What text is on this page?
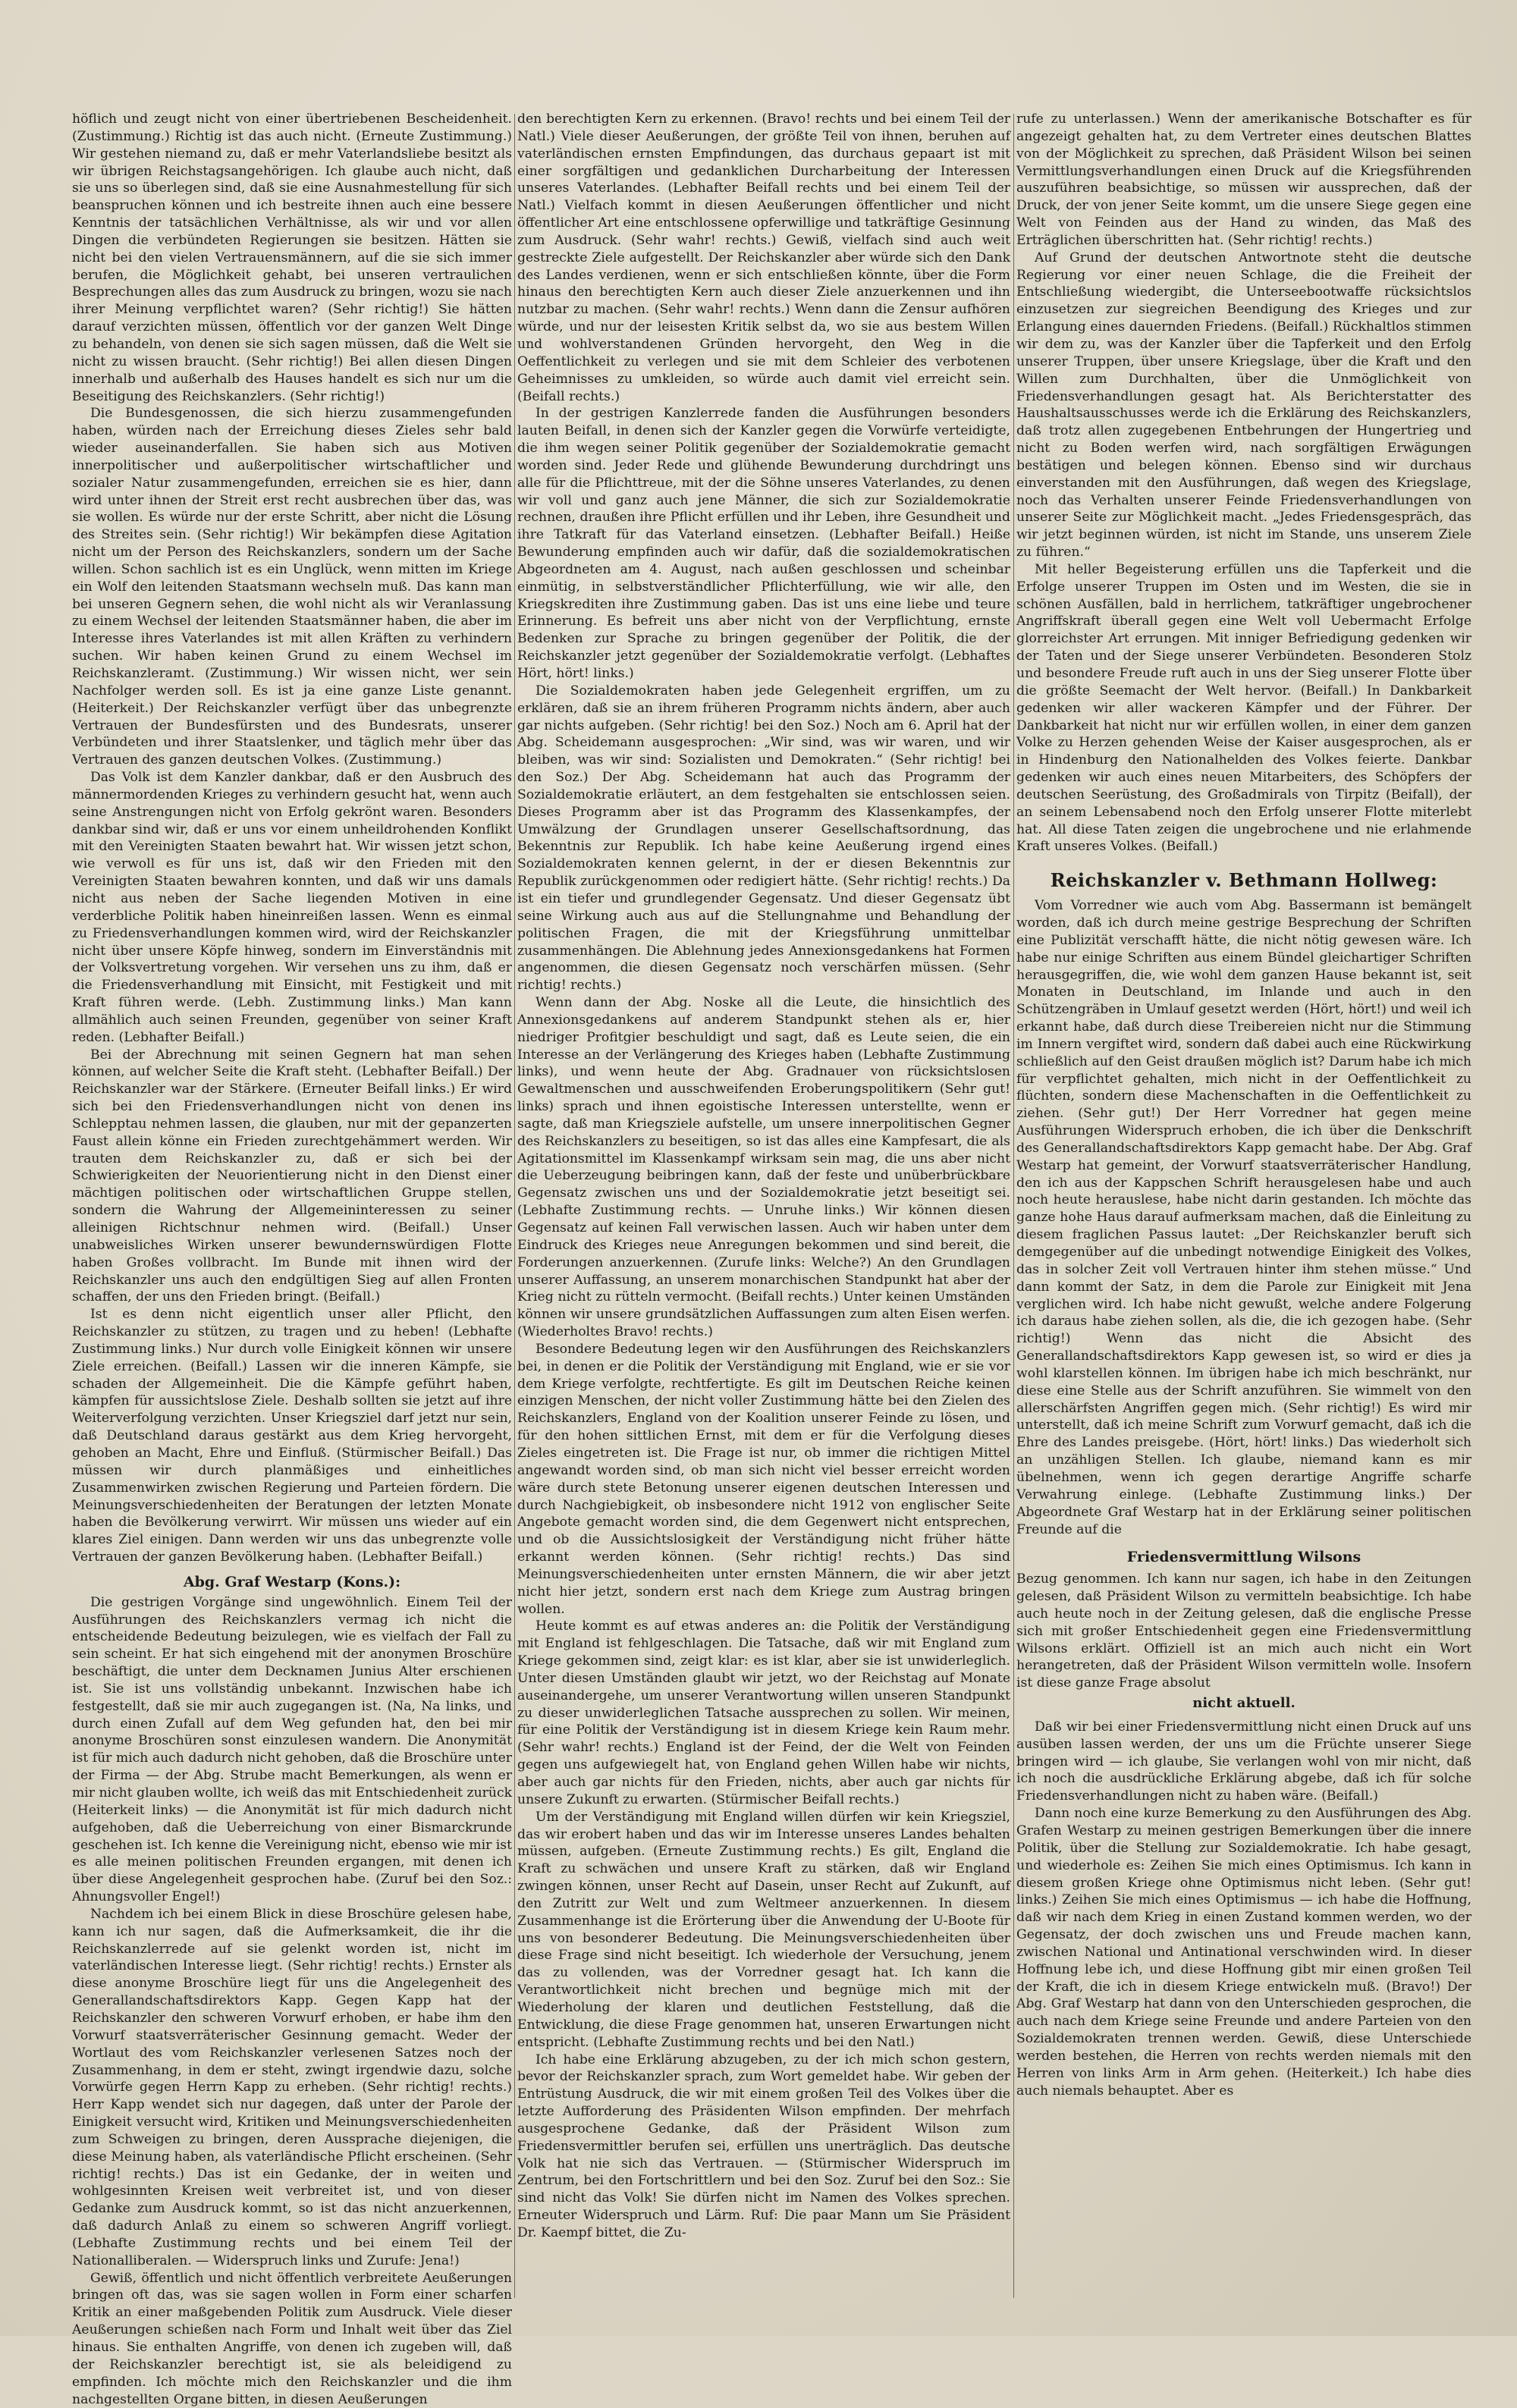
höflich und zeugt nicht von einer übertriebenen Bescheidenheit. (Zustimmung.) Richtig ist das auch nicht. (Erneute Zustimmung.) Wir gestehen niemand zu, daß er mehr Vaterlandsliebe besitzt als wir übrigen Reichstagsangehörigen. Ich glaube auch nicht, daß sie uns so überlegen sind, daß sie eine Ausnahmestellung für sich beanspruchen können und ich bestreite ihnen auch eine bessere Kenntnis der tatsächlichen Verhältnisse, als wir und vor allen Dingen die verbündeten Regierungen sie besitzen. Hätten sie nicht bei den vielen Vertrauensmännern, auf die sie sich immer berufen, die Möglichkeit gehabt, bei unseren vertraulichen Besprechungen alles das zum Ausdruck zu bringen, wozu sie nach ihrer Meinung verpflichtet waren? (Sehr richtig!) Sie hätten darauf verzichten müssen, öffentlich vor der ganzen Welt Dinge zu behandeln, von denen sie sich sagen müssen, daß die Welt sie nicht zu wissen braucht. (Sehr richtig!) Bei allen diesen Dingen innerhalb und außerhalb des Hauses handelt es sich nur um die Beseitigung des Reichskanzlers. (Sehr richtig!)

Die Bundesgenossen, die sich hierzu zusammengefunden haben, würden nach der Erreichung dieses Zieles sehr bald wieder auseinanderfallen. Sie haben sich aus Motiven innerpolitischer und außerpolitischer wirtschaftlicher und sozialer Natur zusammengefunden, erreichen sie es hier, dann wird unter ihnen der Streit erst recht ausbrechen über das, was sie wollen. Es würde nur der erste Schritt, aber nicht die Lösung des Streites sein. (Sehr richtig!) Wir bekämpfen diese Agitation nicht um der Person des Reichskanzlers, sondern um der Sache willen. Schon sachlich ist es ein Unglück, wenn mitten im Kriege ein Wolf den leitenden Staatsmann wechseln muß. Das kann man bei unseren Gegnern sehen, die wohl nicht als wir Veranlassung zu einem Wechsel der leitenden Staatsmänner haben, die aber im Interesse ihres Vaterlandes ist mit allen Kräften zu verhindern suchen. Wir haben keinen Grund zu einem Wechsel im Reichskanzleramt. (Zustimmung.) Wir wissen nicht, wer sein Nachfolger werden soll. Es ist ja eine ganze Liste genannt. (Heiterkeit.) Der Reichskanzler verfügt über das unbegrenzte Vertrauen der Bundesfürsten und des Bundesrats, unserer Verbündeten und ihrer Staatslenker, und täglich mehr über das Vertrauen des ganzen deutschen Volkes. (Zustimmung.)

Das Volk ist dem Kanzler dankbar, daß er den Ausbruch des männermordenden Krieges zu verhindern gesucht hat, wenn auch seine Anstrengungen nicht von Erfolg gekrönt waren. Besonders dankbar sind wir, daß er uns vor einem unheildrohenden Konflikt mit den Vereinigten Staaten bewahrt hat. Wir wissen jetzt schon, wie verwoll es für uns ist, daß wir den Frieden mit den Vereinigten Staaten bewahren konnten, und daß wir uns damals nicht aus neben der Sache liegenden Motiven in eine verderbliche Politik haben hineinreißen lassen. Wenn es einmal zu Friedensverhandlungen kommen wird, wird der Reichskanzler nicht über unsere Köpfe hinweg, sondern im Einverständnis mit der Volksvertretung vorgehen. Wir versehen uns zu ihm, daß er die Friedensverhandlung mit Einsicht, mit Festigkeit und mit Kraft führen werde. (Lebh. Zustimmung links.) Man kann allmählich auch seinen Freunden, gegenüber von seiner Kraft reden. (Lebhafter Beifall.)

Bei der Abrechnung mit seinen Gegnern hat man sehen können, auf welcher Seite die Kraft steht. (Lebhafter Beifall.) Der Reichskanzler war der Stärkere. (Erneuter Beifall links.) Er wird sich bei den Friedensverhandlungen nicht von denen ins Schlepptau nehmen lassen, die glauben, nur mit der gepanzerten Faust allein könne ein Frieden zurechtgehämmert werden. Wir trauten dem Reichskanzler zu, daß er sich bei der Schwierigkeiten der Neuorientierung nicht in den Dienst einer mächtigen politischen oder wirtschaftlichen Gruppe stellen, sondern die Wahrung der Allgemeininteressen zu seiner alleinigen Richtschnur nehmen wird. (Beifall.) Unser unabweisliches Wirken unserer bewundernswürdigen Flotte haben Großes vollbracht. Im Bunde mit ihnen wird der Reichskanzler uns auch den endgültigen Sieg auf allen Fronten schaffen, der uns den Frieden bringt. (Beifall.)

Ist es denn nicht eigentlich unser aller Pflicht, den Reichskanzler zu stützen, zu tragen und zu heben! (Lebhafte Zustimmung links.) Nur durch volle Einigkeit können wir unsere Ziele erreichen. (Beifall.) Lassen wir die inneren Kämpfe, sie schaden der Allgemeinheit. Die die Kämpfe geführt haben, kämpfen für aussichtslose Ziele. Deshalb sollten sie jetzt auf ihre Weiterverfolgung verzichten. Unser Kriegsziel darf jetzt nur sein, daß Deutschland daraus gestärkt aus dem Krieg hervorgeht, gehoben an Macht, Ehre und Einfluß. (Stürmischer Beifall.) Das müssen wir durch planmäßiges und einheitliches Zusammenwirken zwischen Regierung und Parteien fördern. Die Meinungsverschiedenheiten der Beratungen der letzten Monate haben die Bevölkerung verwirrt. Wir müssen uns wieder auf ein klares Ziel einigen. Dann werden wir uns das unbegrenzte volle Vertrauen der ganzen Bevölkerung haben. (Lebhafter Beifall.)

Abg. Graf Westarp (Kons.):

Die gestrigen Vorgänge sind ungewöhnlich. Einem Teil der Ausführungen des Reichskanzlers vermag ich nicht die entscheidende Bedeutung beizulegen, wie es vielfach der Fall zu sein scheint. Er hat sich eingehend mit der anonymen Broschüre beschäftigt, die unter dem Decknamen Junius Alter erschienen ist. Sie ist uns vollständig unbekannt. Inzwischen habe ich festgestellt, daß sie mir auch zugegangen ist. (Na, Na links, und durch einen Zufall auf dem Weg gefunden hat, den bei mir anonyme Broschüren sonst einzulesen wandern. Die Anonymität ist für mich auch dadurch nicht gehoben, daß die Broschüre unter der Firma — der Abg. Strube macht Bemerkungen, als wenn er mir nicht glauben wollte, ich weiß das mit Entschiedenheit zurück (Heiterkeit links) — die Anonymität ist für mich dadurch nicht aufgehoben, daß die Ueberreichung von einer Bismarckrunde geschehen ist. Ich kenne die Vereinigung nicht, ebenso wie mir ist es alle meinen politischen Freunden ergangen, mit denen ich über diese Angelegenheit gesprochen habe. (Zuruf bei den Soz.: Ahnungsvoller Engel!)

Nachdem ich bei einem Blick in diese Broschüre gelesen habe, kann ich nur sagen, daß die Aufmerksamkeit, die ihr die Reichskanzlerrede auf sie gelenkt worden ist, nicht im vaterländischen Interesse liegt. (Sehr richtig! rechts.) Ernster als diese anonyme Broschüre liegt für uns die Angelegenheit des Generallandschaftsdirektors Kapp. Gegen Kapp hat der Reichskanzler den schweren Vorwurf erhoben, er habe ihm den Vorwurf staatsverräterischer Gesinnung gemacht. Weder der Wortlaut des vom Reichskanzler verlesenen Satzes noch der Zusammenhang, in dem er steht, zwingt irgendwie dazu, solche Vorwürfe gegen Herrn Kapp zu erheben. (Sehr richtig! rechts.) Herr Kapp wendet sich nur dagegen, daß unter der Parole der Einigkeit versucht wird, Kritiken und Meinungsverschiedenheiten zum Schweigen zu bringen, deren Aussprache diejenigen, die diese Meinung haben, als vaterländische Pflicht erscheinen. (Sehr richtig! rechts.) Das ist ein Gedanke, der in weiten und wohlgesinnten Kreisen weit verbreitet ist, und von dieser Gedanke zum Ausdruck kommt, so ist das nicht anzuerkennen, daß dadurch Anlaß zu einem so schweren Angriff vorliegt. (Lebhafte Zustimmung rechts und bei einem Teil der Nationalliberalen. — Widerspruch links und Zurufe: Jena!)

Gewiß, öffentlich und nicht öffentlich verbreitete Aeußerungen bringen oft das, was sie sagen wollen in Form einer scharfen Kritik an einer maßgebenden Politik zum Ausdruck. Viele dieser Aeußerungen schießen nach Form und Inhalt weit über das Ziel hinaus. Sie enthalten Angriffe, von denen ich zugeben will, daß der Reichskanzler berechtigt ist, sie als beleidigend zu empfinden. Ich möchte mich den Reichskanzler und die ihm nachgestellten Organe bitten, in diesen Aeußerungen

den berechtigten Kern zu erkennen. (Bravo! rechts und bei einem Teil der Natl.) Viele dieser Aeußerungen, der größte Teil von ihnen, beruhen auf vaterländischen ernsten Empfindungen, das durchaus gepaart ist mit einer sorgfältigen und gedanklichen Durcharbeitung der Interessen unseres Vaterlandes. (Lebhafter Beifall rechts und bei einem Teil der Natl.) Vielfach kommt in diesen Aeußerungen öffentlicher und nicht öffentlicher Art eine entschlossene opferwillige und tatkräftige Gesinnung zum Ausdruck. (Sehr wahr! rechts.) Gewiß, vielfach sind auch weit gestreckte Ziele aufgestellt. Der Reichskanzler aber würde sich den Dank des Landes verdienen, wenn er sich entschließen könnte, über die Form hinaus den berechtigten Kern auch dieser Ziele anzuerkennen und ihn nutzbar zu machen. (Sehr wahr! rechts.) Wenn dann die Zensur aufhören würde, und nur der leisesten Kritik selbst da, wo sie aus bestem Willen und wohlverstandenen Gründen hervorgeht, den Weg in die Oeffentlichkeit zu verlegen und sie mit dem Schleier des verbotenen Geheimnisses zu umkleiden, so würde auch damit viel erreicht sein. (Beifall rechts.)

In der gestrigen Kanzlerrede fanden die Ausführungen besonders lauten Beifall, in denen sich der Kanzler gegen die Vorwürfe verteidigte, die ihm wegen seiner Politik gegenüber der Sozialdemokratie gemacht worden sind. Jeder Rede und glühende Bewunderung durchdringt uns alle für die Pflichttreue, mit der die Söhne unseres Vaterlandes, zu denen wir voll und ganz auch jene Männer, die sich zur Sozialdemokratie rechnen, draußen ihre Pflicht erfüllen und ihr Leben, ihre Gesundheit und ihre Tatkraft für das Vaterland einsetzen. (Lebhafter Beifall.) Heiße Bewunderung empfinden auch wir dafür, daß die sozialdemokratischen Abgeordneten am 4. August, nach außen geschlossen und scheinbar einmütig, in selbstverständlicher Pflichterfüllung, wie wir alle, den Kriegskrediten ihre Zustimmung gaben. Das ist uns eine liebe und teure Erinnerung. Es befreit uns aber nicht von der Verpflichtung, ernste Bedenken zur Sprache zu bringen gegenüber der Politik, die der Reichskanzler jetzt gegenüber der Sozialdemokratie verfolgt. (Lebhaftes Hört, hört! links.)

Die Sozialdemokraten haben jede Gelegenheit ergriffen, um zu erklären, daß sie an ihrem früheren Programm nichts ändern, aber auch gar nichts aufgeben. (Sehr richtig! bei den Soz.) Noch am 6. April hat der Abg. Scheidemann ausgesprochen: „Wir sind, was wir waren, und wir bleiben, was wir sind: Sozialisten und Demokraten.“ (Sehr richtig! bei den Soz.) Der Abg. Scheidemann hat auch das Programm der Sozialdemokratie erläutert, an dem festgehalten sie entschlossen seien. Dieses Programm aber ist das Programm des Klassenkampfes, der Umwälzung der Grundlagen unserer Gesellschaftsordnung, das Bekenntnis zur Republik. Ich habe keine Aeußerung irgend eines Sozialdemokraten kennen gelernt, in der er diesen Bekenntnis zur Republik zurückgenommen oder redigiert hätte. (Sehr richtig! rechts.) Da ist ein tiefer und grundlegender Gegensatz. Und dieser Gegensatz übt seine Wirkung auch aus auf die Stellungnahme und Behandlung der politischen Fragen, die mit der Kriegsführung unmittelbar zusammenhängen. Die Ablehnung jedes Annexionsgedankens hat Formen angenommen, die diesen Gegensatz noch verschärfen müssen. (Sehr richtig! rechts.)

Wenn dann der Abg. Noske all die Leute, die hinsichtlich des Annexionsgedankens auf anderem Standpunkt stehen als er, hier niedriger Profitgier beschuldigt und sagt, daß es Leute seien, die ein Interesse an der Verlängerung des Krieges haben (Lebhafte Zustimmung links), und wenn heute der Abg. Gradnauer von rücksichtslosen Gewaltmenschen und ausschweifenden Eroberungspolitikern (Sehr gut! links) sprach und ihnen egoistische Interessen unterstellte, wenn er sagte, daß man Kriegsziele aufstelle, um unsere innerpolitischen Gegner des Reichskanzlers zu beseitigen, so ist das alles eine Kampfesart, die als Agitationsmittel im Klassenkampf wirksam sein mag, die uns aber nicht die Ueberzeugung beibringen kann, daß der feste und unüberbrückbare Gegensatz zwischen uns und der Sozialdemokratie jetzt beseitigt sei. (Lebhafte Zustimmung rechts. — Unruhe links.) Wir können diesen Gegensatz auf keinen Fall verwischen lassen. Auch wir haben unter dem Eindruck des Krieges neue Anregungen bekommen und sind bereit, die Forderungen anzuerkennen. (Zurufe links: Welche?) An den Grundlagen unserer Auffassung, an unserem monarchischen Standpunkt hat aber der Krieg nicht zu rütteln vermocht. (Beifall rechts.) Unter keinen Umständen können wir unsere grundsätzlichen Auffassungen zum alten Eisen werfen. (Wiederholtes Bravo! rechts.)

Besondere Bedeutung legen wir den Ausführungen des Reichskanzlers bei, in denen er die Politik der Verständigung mit England, wie er sie vor dem Kriege verfolgte, rechtfertigte. Es gilt im Deutschen Reiche keinen einzigen Menschen, der nicht voller Zustimmung hätte bei den Zielen des Reichskanzlers, England von der Koalition unserer Feinde zu lösen, und für den hohen sittlichen Ernst, mit dem er für die Verfolgung dieses Zieles eingetreten ist. Die Frage ist nur, ob immer die richtigen Mittel angewandt worden sind, ob man sich nicht viel besser erreicht worden wäre durch stete Betonung unserer eigenen deutschen Interessen und durch Nachgiebigkeit, ob insbesondere nicht 1912 von englischer Seite Angebote gemacht worden sind, die dem Gegenwert nicht entsprechen, und ob die Aussichtslosigkeit der Verständigung nicht früher hätte erkannt werden können. (Sehr richtig! rechts.) Das sind Meinungsverschiedenheiten unter ernsten Männern, die wir aber jetzt nicht hier jetzt, sondern erst nach dem Kriege zum Austrag bringen wollen.

Heute kommt es auf etwas anderes an: die Politik der Verständigung mit England ist fehlgeschlagen. Die Tatsache, daß wir mit England zum Kriege gekommen sind, zeigt klar: es ist klar, aber sie ist unwiderleglich. Unter diesen Umständen glaubt wir jetzt, wo der Reichstag auf Monate auseinandergehe, um unserer Verantwortung willen unseren Standpunkt zu dieser unwiderleglichen Tatsache aussprechen zu sollen. Wir meinen, für eine Politik der Verständigung ist in diesem Kriege kein Raum mehr. (Sehr wahr! rechts.) England ist der Feind, der die Welt von Feinden gegen uns aufgewiegelt hat, von England gehen Willen habe wir nichts, aber auch gar nichts für den Frieden, nichts, aber auch gar nichts für unsere Zukunft zu erwarten. (Stürmischer Beifall rechts.)

Um der Verständigung mit England willen dürfen wir kein Kriegsziel, das wir erobert haben und das wir im Interesse unseres Landes behalten müssen, aufgeben. (Erneute Zustimmung rechts.) Es gilt, England die Kraft zu schwächen und unsere Kraft zu stärken, daß wir England zwingen können, unser Recht auf Dasein, unser Recht auf Zukunft, auf den Zutritt zur Welt und zum Weltmeer anzuerkennen. In diesem Zusammenhange ist die Erörterung über die Anwendung der U-Boote für uns von besonderer Bedeutung. Die Meinungsverschiedenheiten über diese Frage sind nicht beseitigt. Ich wiederhole der Versuchung, jenem das zu vollenden, was der Vorredner gesagt hat. Ich kann die Verantwortlichkeit nicht brechen und begnüge mich mit der Wiederholung der klaren und deutlichen Feststellung, daß die Entwicklung, die diese Frage genommen hat, unseren Erwartungen nicht entspricht. (Lebhafte Zustimmung rechts und bei den Natl.)

Ich habe eine Erklärung abzugeben, zu der ich mich schon gestern, bevor der Reichskanzler sprach, zum Wort gemeldet habe. Wir geben der Entrüstung Ausdruck, die wir mit einem großen Teil des Volkes über die letzte Aufforderung des Präsidenten Wilson empfinden. Der mehrfach ausgesprochene Gedanke, daß der Präsident Wilson zum Friedensvermittler berufen sei, erfüllen uns unerträglich. Das deutsche Volk hat nie sich das Vertrauen. — (Stürmischer Widerspruch im Zentrum, bei den Fortschrittlern und bei den Soz. Zuruf bei den Soz.: Sie sind nicht das Volk! Sie dürfen nicht im Namen des Volkes sprechen. Erneuter Widerspruch und Lärm. Ruf: Die paar Mann um Sie Präsident Dr. Kaempf bittet, die Zu-

rufe zu unterlassen.) Wenn der amerikanische Botschafter es für angezeigt gehalten hat, zu dem Vertreter eines deutschen Blattes von der Möglichkeit zu sprechen, daß Präsident Wilson bei seinen Vermittlungsverhandlungen einen Druck auf die Kriegsführenden auszuführen beabsichtige, so müssen wir aussprechen, daß der Druck, der von jener Seite kommt, um die unsere Siege gegen eine Welt von Feinden aus der Hand zu winden, das Maß des Erträglichen überschritten hat. (Sehr richtig! rechts.)

Auf Grund der deutschen Antwortnote steht die deutsche Regierung vor einer neuen Schlage, die die Freiheit der Entschließung wiedergibt, die Unterseebootwaffe rücksichtslos einzusetzen zur siegreichen Beendigung des Krieges und zur Erlangung eines dauernden Friedens. (Beifall.) Rückhaltlos stimmen wir dem zu, was der Kanzler über die Tapferkeit und den Erfolg unserer Truppen, über unsere Kriegslage, über die Kraft und den Willen zum Durchhalten, über die Unmöglichkeit von Friedensverhandlungen gesagt hat. Als Berichterstatter des Haushaltsausschusses werde ich die Erklärung des Reichskanzlers, daß trotz allen zugegebenen Entbehrungen der Hungertrieg und nicht zu Boden werfen wird, nach sorgfältigen Erwägungen bestätigen und belegen können. Ebenso sind wir durchaus einverstanden mit den Ausführungen, daß wegen des Kriegslage, noch das Verhalten unserer Feinde Friedensverhandlungen von unserer Seite zur Möglichkeit macht. „Jedes Friedensgespräch, das wir jetzt beginnen würden, ist nicht im Stande, uns unserem Ziele zu führen.“

Mit heller Begeisterung erfüllen uns die Tapferkeit und die Erfolge unserer Truppen im Osten und im Westen, die sie in schönen Ausfällen, bald in herrlichem, tatkräftiger ungebrochener Angriffskraft überall gegen eine Welt voll Uebermacht Erfolge glorreichster Art errungen. Mit inniger Befriedigung gedenken wir der Taten und der Siege unserer Verbündeten. Besonderen Stolz und besondere Freude ruft auch in uns der Sieg unserer Flotte über die größte Seemacht der Welt hervor. (Beifall.) In Dankbarkeit gedenken wir aller wackeren Kämpfer und der Führer. Der Dankbarkeit hat nicht nur wir erfüllen wollen, in einer dem ganzen Volke zu Herzen gehenden Weise der Kaiser ausgesprochen, als er in Hindenburg den Nationalhelden des Volkes feierte. Dankbar gedenken wir auch eines neuen Mitarbeiters, des Schöpfers der deutschen Seerüstung, des Großadmirals von Tirpitz (Beifall), der an seinem Lebensabend noch den Erfolg unserer Flotte miterlebt hat. All diese Taten zeigen die ungebrochene und nie erlahmende Kraft unseres Volkes. (Beifall.)

Reichskanzler v. Bethmann Hollweg:

Vom Vorredner wie auch vom Abg. Bassermann ist bemängelt worden, daß ich durch meine gestrige Besprechung der Schriften eine Publizität verschafft hätte, die nicht nötig gewesen wäre. Ich habe nur einige Schriften aus einem Bündel gleichartiger Schriften herausgegriffen, die, wie wohl dem ganzen Hause bekannt ist, seit Monaten in Deutschland, im Inlande und auch in den Schützengräben in Umlauf gesetzt werden (Hört, hört!) und weil ich erkannt habe, daß durch diese Treibereien nicht nur die Stimmung im Innern vergiftet wird, sondern daß dabei auch eine Rückwirkung schließlich auf den Geist draußen möglich ist? Darum habe ich mich für verpflichtet gehalten, mich nicht in der Oeffentlichkeit zu flüchten, sondern diese Machenschaften in die Oeffentlichkeit zu ziehen. (Sehr gut!) Der Herr Vorredner hat gegen meine Ausführungen Widerspruch erhoben, die ich über die Denkschrift des Generallandschaftsdirektors Kapp gemacht habe. Der Abg. Graf Westarp hat gemeint, der Vorwurf staatsverräterischer Handlung, den ich aus der Kappschen Schrift herausgelesen habe und auch noch heute herauslese, habe nicht darin gestanden. Ich möchte das ganze hohe Haus darauf aufmerksam machen, daß die Einleitung zu diesem fraglichen Passus lautet: „Der Reichskanzler beruft sich demgegenüber auf die unbedingt notwendige Einigkeit des Volkes, das in solcher Zeit voll Vertrauen hinter ihm stehen müsse.“ Und dann kommt der Satz, in dem die Parole zur Einigkeit mit Jena verglichen wird. Ich habe nicht gewußt, welche andere Folgerung ich daraus habe ziehen sollen, als die, die ich gezogen habe. (Sehr richtig!) Wenn das nicht die Absicht des Generallandschaftsdirektors Kapp gewesen ist, so wird er dies ja wohl klarstellen können. Im übrigen habe ich mich beschränkt, nur diese eine Stelle aus der Schrift anzuführen. Sie wimmelt von den allerschärfsten Angriffen gegen mich. (Sehr richtig!) Es wird mir unterstellt, daß ich meine Schrift zum Vorwurf gemacht, daß ich die Ehre des Landes preisgebe. (Hört, hört! links.) Das wiederholt sich an unzähligen Stellen. Ich glaube, niemand kann es mir übelnehmen, wenn ich gegen derartige Angriffe scharfe Verwahrung einlege. (Lebhafte Zustimmung links.) Der Abgeordnete Graf Westarp hat in der Erklärung seiner politischen Freunde auf die

Friedensvermittlung Wilsons

Bezug genommen. Ich kann nur sagen, ich habe in den Zeitungen gelesen, daß Präsident Wilson zu vermitteln beabsichtige. Ich habe auch heute noch in der Zeitung gelesen, daß die englische Presse sich mit großer Entschiedenheit gegen eine Friedensvermittlung Wilsons erklärt. Offiziell ist an mich auch nicht ein Wort herangetreten, daß der Präsident Wilson vermitteln wolle. Insofern ist diese ganze Frage absolut

nicht aktuell.

Daß wir bei einer Friedensvermittlung nicht einen Druck auf uns ausüben lassen werden, der uns um die Früchte unserer Siege bringen wird — ich glaube, Sie verlangen wohl von mir nicht, daß ich noch die ausdrückliche Erklärung abgebe, daß ich für solche Friedensverhandlungen nicht zu haben wäre. (Beifall.)

Dann noch eine kurze Bemerkung zu den Ausführungen des Abg. Grafen Westarp zu meinen gestrigen Bemerkungen über die innere Politik, über die Stellung zur Sozialdemokratie. Ich habe gesagt, und wiederhole es: Zeihen Sie mich eines Optimismus. Ich kann in diesem großen Kriege ohne Optimismus nicht leben. (Sehr gut! links.) Zeihen Sie mich eines Optimismus — ich habe die Hoffnung, daß wir nach dem Krieg in einen Zustand kommen werden, wo der Gegensatz, der doch zwischen uns und Freude machen kann, zwischen National und Antinational verschwinden wird. In dieser Hoffnung lebe ich, und diese Hoffnung gibt mir einen großen Teil der Kraft, die ich in diesem Kriege entwickeln muß. (Bravo!) Der Abg. Graf Westarp hat dann von den Unterschieden gesprochen, die auch nach dem Kriege seine Freunde und andere Parteien von den Sozialdemokraten trennen werden. Gewiß, diese Unterschiede werden bestehen, die Herren von rechts werden niemals mit den Herren von links Arm in Arm gehen. (Heiterkeit.) Ich habe dies auch niemals behauptet. Aber es
